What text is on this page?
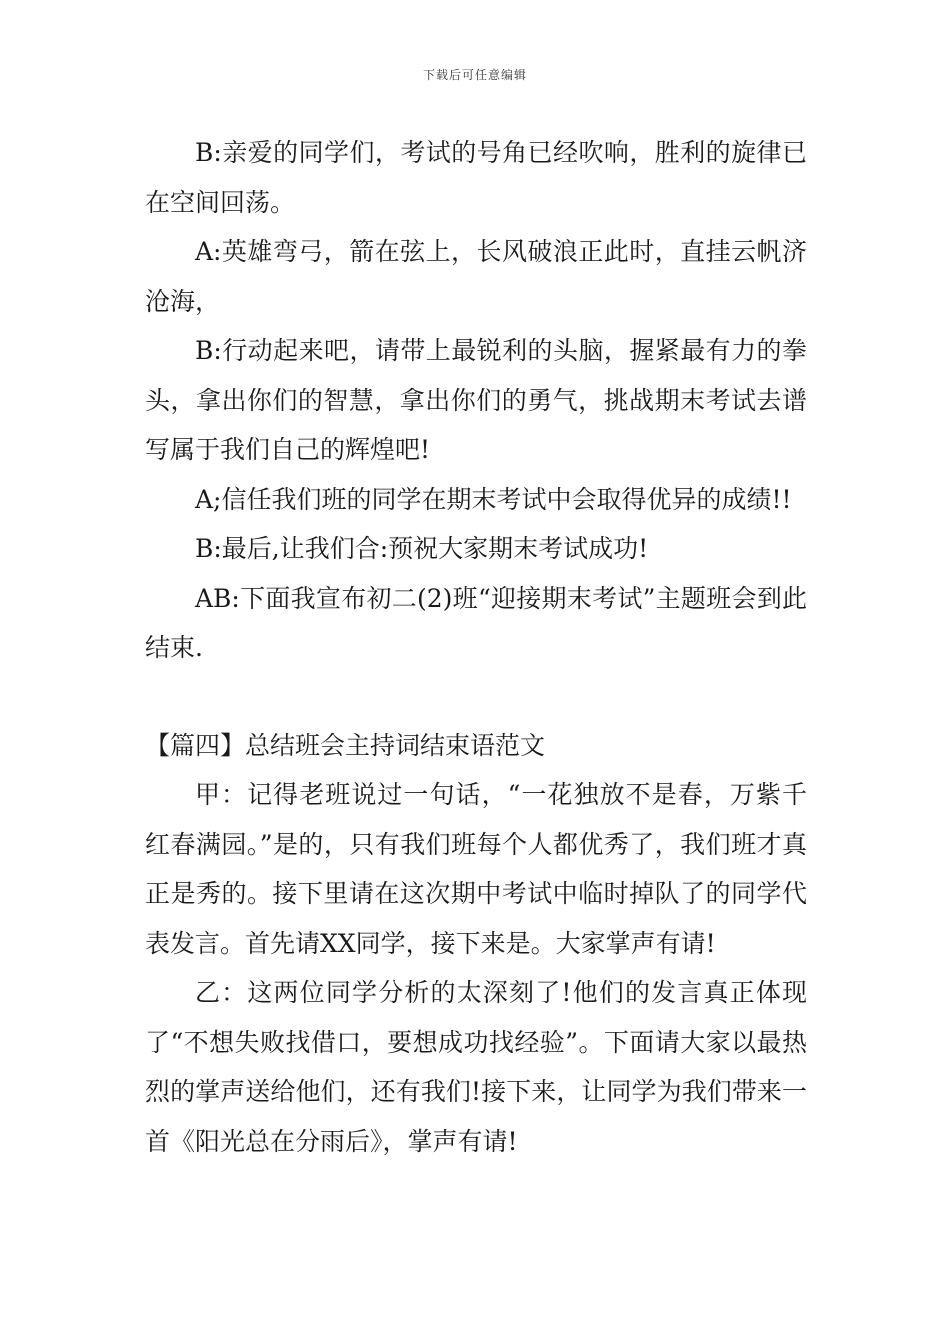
下载后可任意编辑

B:亲爱的同学们，考试的号角已经吹响，胜利的旋律已在空间回荡。

A:英雄弯弓，箭在弦上，长风破浪正此时，直挂云帆济沧海，

B:行动起来吧，请带上最锐利的头脑，握紧最有力的拳头，拿出你们的智慧，拿出你们的勇气，挑战期末考试去谱写属于我们自己的辉煌吧!

A;信任我们班的同学在期末考试中会取得优异的成绩!!

B:最后,让我们合:预祝大家期末考试成功!

AB:下面我宣布初二(2)班“迎接期末考试”主题班会到此结束.

【篇四】总结班会主持词结束语范文

甲：记得老班说过一句话，“一花独放不是春，万紫千红春满园。”是的，只有我们班每个人都优秀了，我们班才真正是秀的。接下里请在这次期中考试中临时掉队了的同学代表发言。首先请XX同学，接下来是。大家掌声有请!

乙：这两位同学分析的太深刻了!他们的发言真正体现了“不想失败找借口，要想成功找经验”。下面请大家以最热烈的掌声送给他们，还有我们!接下来，让同学为我们带来一首《阳光总在分雨后》，掌声有请!
